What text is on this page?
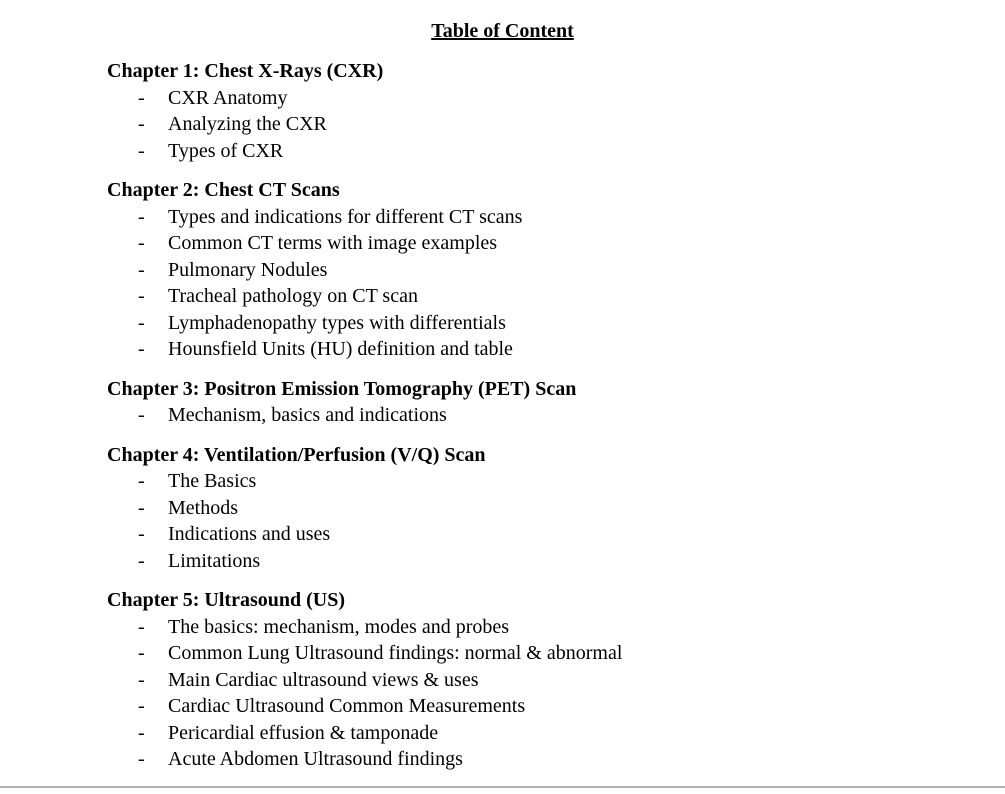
Table of Content
Chapter 1: Chest X-Rays (CXR)
-	CXR Anatomy
-	Analyzing the CXR
-	Types of CXR
Chapter 2: Chest CT Scans
-	Types and indications for different CT scans
-	Common CT terms with image examples
-	Pulmonary Nodules
-	Tracheal pathology on CT scan
-	Lymphadenopathy types with differentials
-	Hounsfield Units (HU) definition and table
Chapter 3: Positron Emission Tomography (PET) Scan
-	Mechanism, basics and indications
Chapter 4: Ventilation/Perfusion (V/Q) Scan
-	The Basics
-	Methods
-	Indications and uses
-	Limitations
Chapter 5: Ultrasound (US)
-	The basics: mechanism, modes and probes
-	Common Lung Ultrasound findings: normal & abnormal
-	Main Cardiac ultrasound views & uses
-	Cardiac Ultrasound Common Measurements
-	Pericardial effusion & tamponade
-	Acute Abdomen Ultrasound findings
